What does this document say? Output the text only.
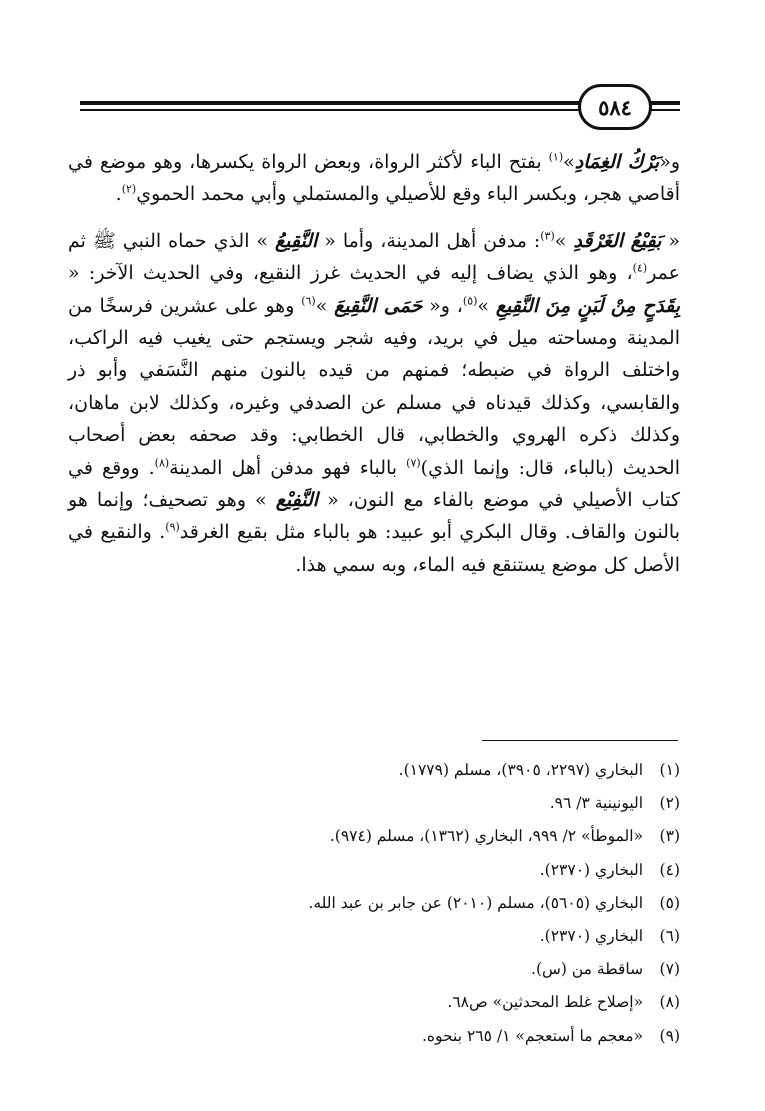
٥٨٤

و«بَرْكُ الغِمَادِ»$^{(١)}$ بفتح الباء لأكثر الرواة، وبعض الرواة يكسرها، وهو موضع في أقاصي هجر، وبكسر الباء وقع للأصيلي والمستملي وأبي محمد الحموي$^{(٢)}$.

« بَقِيْعُ الغَرْقَدِ »$^{(٣)}$: مدفن أهل المدينة، وأما « النَّقِيعُ » الذي حماه النبي ﷺ ثم عمر$^{(٤)}$، وهو الذي يضاف إليه في الحديث غرز النقيع، وفي الحديث الآخر: « بِقَدَحٍ مِنْ لَبَنٍ مِنَ النَّقِيعِ »$^{(٥)}$، و« حَمَى النَّقِيعَ »$^{(٦)}$ وهو على عشرين فرسخًا من المدينة ومساحته ميل في بريد، وفيه شجر ويستجم حتى يغيب فيه الراكب، واختلف الرواة في ضبطه؛ فمنهم من قيده بالنون منهم النَّسَفي وأبو ذر والقابسي، وكذلك قيدناه في مسلم عن الصدفي وغيره، وكذلك لابن ماهان، وكذلك ذكره الهروي والخطابي، قال الخطابي: وقد صحفه بعض أصحاب الحديث (بالباء، قال: وإنما الذي)$^{(٧)}$ بالباء فهو مدفن أهل المدينة$^{(٨)}$. ووقع في كتاب الأصيلي في موضع بالفاء مع النون، « النَّفِيْع » وهو تصحيف؛ وإنما هو بالنون والقاف. وقال البكري أبو عبيد: هو بالباء مثل بقيع الغرقد$^{(٩)}$. والنقيع في الأصل كل موضع يستنقع فيه الماء، وبه سمي هذا.

(١) البخاري (٢٢٩٧، ٣٩٠٥)، مسلم (١٧٧٩).
(٢) اليونينية ٣/ ٩٦.
(٣) «الموطأ» ٢/ ٩٩٩، البخاري (١٣٦٢)، مسلم (٩٧٤).
(٤) البخاري (٢٣٧٠).
(٥) البخاري (٥٦٠٥)، مسلم (٢٠١٠) عن جابر بن عبد الله.
(٦) البخاري (٢٣٧٠).
(٧) ساقطة من (س).
(٨) «إصلاح غلط المحدثين» ص٦٨.
(٩) «معجم ما أستعجم» ١/ ٢٦٥ بنحوه.
